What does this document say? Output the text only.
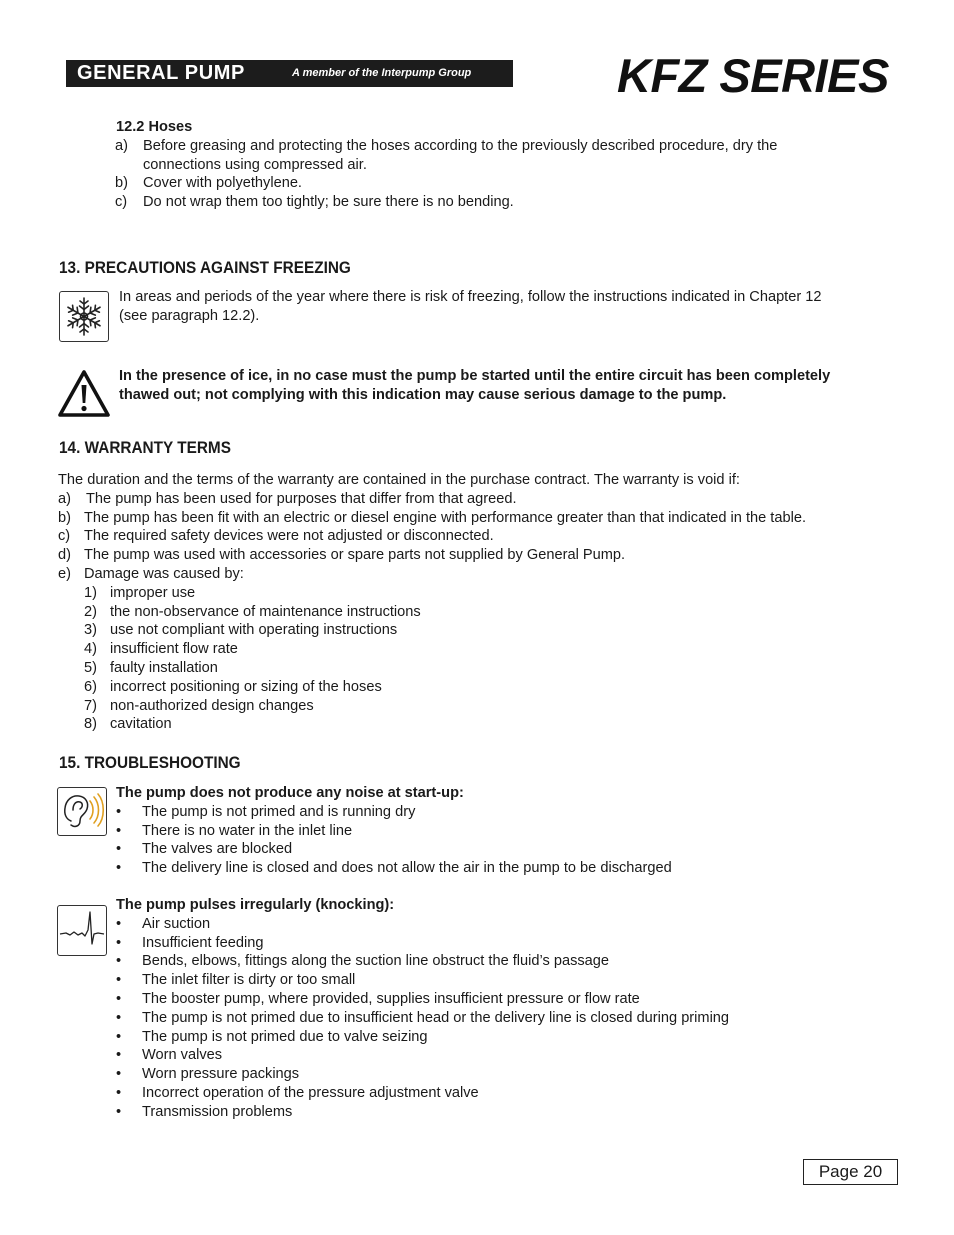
GENERAL PUMP	A member of the Interpump Group	KFZ SERIES
12.2 Hoses
a) Before greasing and protecting the hoses according to the previously described procedure, dry the
connections using compressed air.
b) Cover with polyethylene.
c) Do not wrap them too tightly; be sure there is no bending.
13. PRECAUTIONS AGAINST FREEZING
In areas and periods of the year where there is risk of freezing, follow the instructions indicated in Chapter 12
(see paragraph 12.2).
In the presence of ice, in no case must the pump be started until the entire circuit has been completely
thawed out; not complying with this indication may cause serious damage to the pump.
14. WARRANTY TERMS
The duration and the terms of the warranty are contained in the purchase contract. The warranty is void if:
a) The pump has been used for purposes that differ from that agreed.
b) The pump has been fit with an electric or diesel engine with performance greater than that indicated in the table.
c) The required safety devices were not adjusted or disconnected.
d) The pump was used with accessories or spare parts not supplied by General Pump.
e) Damage was caused by:
1) improper use
2) the non-observance of maintenance instructions
3) use not compliant with operating instructions
4) insufficient flow rate
5) faulty installation
6) incorrect positioning or sizing of the hoses
7) non-authorized design changes
8) cavitation
15. TROUBLESHOOTING
The pump does not produce any noise at start-up:
• The pump is not primed and is running dry
• There is no water in the inlet line
• The valves are blocked
• The delivery line is closed and does not allow the air in the pump to be discharged
The pump pulses irregularly (knocking):
• Air suction
• Insufficient feeding
• Bends, elbows, fittings along the suction line obstruct the fluid’s passage
• The inlet filter is dirty or too small
• The booster pump, where provided, supplies insufficient pressure or flow rate
• The pump is not primed due to insufficient head or the delivery line is closed during priming
• The pump is not primed due to valve seizing
• Worn valves
• Worn pressure packings
• Incorrect operation of the pressure adjustment valve
• Transmission problems
Page 20
